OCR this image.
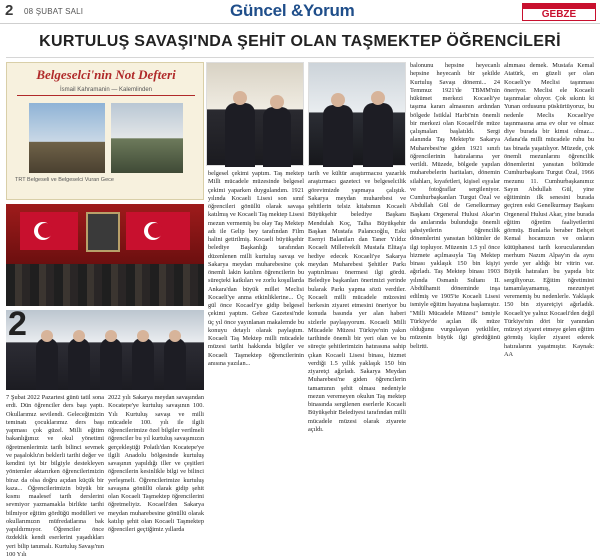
2 08 ŞUBAT SALI	Güncel &Yorum	GEBZE
KURTULUŞ SAVAŞI'NDA ŞEHİT OLAN TAŞMEKTEP ÖĞRENCİLERİ
Belgeselci'nin Not Defteri
İsmail Kahramanin — Kalemlinden
TRT Belgeseli ve Belgeselci Vuran Gece
2

7 Şubat 2022 Pazartesi günü tatil sona erdi. Dün öğrenciler ders başı yaptı. Okullarımız sevilendi. Geleceğimizin teminatı çocuklarımız ders başı yapması çok güzel. Milli eğitim bakanlığımız ve okul yönetimi öğretmenlerimiz tarih bilinci sevmek ve paşaloklu'ın beklerli tarihi değer ve kendini iyi bir bilgiyle destekleyen yöntemler aktarırken öğrencilerimizin biraz da olsa doğru açıdan küçük bir kaza... Öğrencilerimizin büyük bir kısmı maalesef tarih derslerini sevmiyor yazmamakla birlikte tarihi bilmiyor eğitim gördüğü modülleri ve okullarımızın müfredatlarına bak yapıldırmıyor. Öğrenciler önce özdeklik kendi eserlerini yaşadıkları yeri bilip tanımalı. Kurtuluş Savaşı'nın 100 Yılı

2022 yılı Sakarya meydan savaşından Kocatepe'ye kurtuluş savaşının 100. Yılı Kurtuluş savaşı ve milli mücadele 100. yılı ile ilgili öğrencilerimize özel bilgiler verilmeli öğrenciler bu yıl kurtuluş savaşımızın gerçekleştiği Polatlı'dan Kocatepe'ye ilgili Anadolu bölgesinde kurtuluş savaşının yapıldığı iller ve çeşitleri öğrencilerin kesinlikle bilgi ve bilinci yerleşmeli. Öğrencilerimize kurtuluş savaşına gönüllü olarak gidip şehit olan Kocaeli Taşmektep öğrencilerini öğretmeliyiz. Kocaeli'den Sakarya meydan muharebesine gönüllü olarak katılıp şehit olan Kocaeli Taşmektep öğrencileri geçtiğimiz yıllarda

belgesel çekimi yaptım. Taş mektep Milli mücadele müzesinde belgesel çekimi yaparken duygulandım. 1921 yılında Kocaeli Lisesi son sınıf öğrencileri gönüllü olarak savaşa katılmış ve Kocaeli Taş mektep Lisesi mezun vermemiş bu olay Taş Mektep adı ile Gelip bey tarafından Film halini getirilmiş. Kocaeli büyükşehir belediye Başkanlığı tarafından düzenlenen milli kurtuluş savaşı ve Sakarya meydan muharebesine çok önemli lakin katılım öğrencilerin bu süreçteki katkıları ve zorlu koşullarda Ankara'dan büyük millet Meclisi Kocaeli'ye anma etkinliklerine... Üç gül önce Kocaeli'ye gidip belgesel çekimi yaptım. Gebze Gazetesi'nde üç yıl önce yayınlanan makalemde bu konuyu detaylı olarak paylaştım. Kocaeli Taş Mektep milli mücadele müzesi tarihi hakkında bilgiler ve Kocaeli Taşmektep öğrencilerinin anısına yazılan...

tarih ve kültür araştırmacısı yazarlık araştırmacı gazeteci ve belgeselcilik görevimizde yapmaya çalıştık. Sakarya meydan muharebesi ve şehitlerin telsiz kitabımın Kocaeli Büyükşehir belediye Başkanı Mendulah Koç, Talha Büyükşehir Başkan Mustafa Palancıoğlu, Eski Esenyi Balaniları dan Taner Yıldız Kocaeli Milletvekili Mustafa Elitaş'a hediye edecek Kocaeli'ye Sakarya meydan Muharebesi Şehitler Parkı yaptırılması önermesi ilgi gördü. Belediye başkanları önerimizi yerinde bularak Parkı yapma sözü verdiler. Kocaeli milli mücadele müzesini herkesin ziyaret etmesini öneriyor bu konuda basında yer alan haberi sizlerle paylaşıyorum. Kocaeli Milli Mücadele Müzesi Türkiye'nin yakın tarihinde önemli bir yeri olan ve bu süreçte şehitlerimizin hatırasına sahip çıkan Kocaeli Lisesi binası, hizmet verdiği 1.5 yıllık yaklaşık 150 bin ziyaretçi ağırladı. Sakarya Meydan Muharebesi'ne giden öğrencilerin tamamının şehit olması nedeniyle mezun veremeyen okulun Taş mektep binasında sergilenen eserlerle Kocaeli Büyükşehir Belediyesi tarafından milli mücadele müzesi olarak ziyarete açıldı.

balonunu hepsine heyecanlı hepsine heyecanlı bir şekilde Kurtuluş Savaşı dönemi... 24 Temmuz 1921'de TBMM'nin hükümet merkezi Kocaeli'ye taşıma kararı almasının ardından bölgede İstiklal Harbi'nin önemli bir merkezi olan Kocaeli'de müze çalışmaları başlatıldı. Sergi alanında Taş Mektep'te Sakarya Muharebesi'ne giden 1921 sınıfı öğrencilerinin hatıralarına yer verildi. Müzede, bölgede yapılan muharebelerin haritaları, dönemin silahları, kıyafetleri, kişisel eşyalar ve fotoğraflar sergileniyor. Cumhurbaşkanları Turgut Özal ve Abdullah Gül de Genelkurmay Başkanı Orgeneral Hulusi Akar'ın da anılarında bulunduğu önemli şahsiyetlerin öğrencilik dönemlerini yansıtan bölümler de ilgi topluyor. Müzenin 1.5 yıl önce hizmete açılmasıyla Taş Mektep binası yaklaşık 150 bin kişiyi ağırladı. Taş Mektep binası 1903 yılında Osmanlı Sultanı II. Abdülhamit döneminde inşa edilmiş ve 1905'te Kocaeli Lisesi ismiyle eğitim hayatına başlamıştır. "Milli Mücadele Müzesi" ismiyle Türkiye'de açılan ilk müze olduğunu vurgulayan yetkililer, müzenin büyük ilgi gördüğünü belirtti.

almması demek. Mustafa Kemal Atatürk, en güzeli şer olan Kocaeli'ye Meclisi taşınması öneriyor. Meclisi ele Kocaeli taşınmalar oluyor. Çok sıkıntı ki Yunan ordusunu püskürtüyoruz, bu nedenle Meclis Kocaeli'ye taşınmasına ama ev olur ve olmaz diye burada bir kimsi olmaz... Adana'da milli mücadele ruhu bu tas binada yaşatılıyor. Müzede, çok önemli mezunlarını öğrencilik dönemlerini yansıtan bölümde Cumhurbaşkanı Turgut Özal, 1966 mezunu 11. Cumhurbaşkanımız Sayın Abdullah Gül, yine eğitiminin ilk senesini burada geçiren eski Genelkurmay Başkanı Orgeneral Hulusi Akar, yine burada eğitim öğretim faaliyetlerini görmüş. Bunlarla beraber Behçet Kemal hocamızın ve onların kütüphanesi tarih koruculanından merhum Nazım Alpay'ın da aynı yerde yer aldığı bir vitrin var. Büyük hatıraları bu yapıda biz sergiliyoruz. Eğitim öğretimini tamamlayamamış, mezuniyet verememiş bu nedenlerle. Yaklaşık 150 bin ziyaretçiyi ağırladık. Kocaeli'ye yalnız Kocaeli'den değil Türkiye'nin dört bir yanından müzeyi ziyaret etmeye gelen eğitim görmüş kişiler ziyaret ederek hatıralarını yaşatmıştır. Kaynak: AA
